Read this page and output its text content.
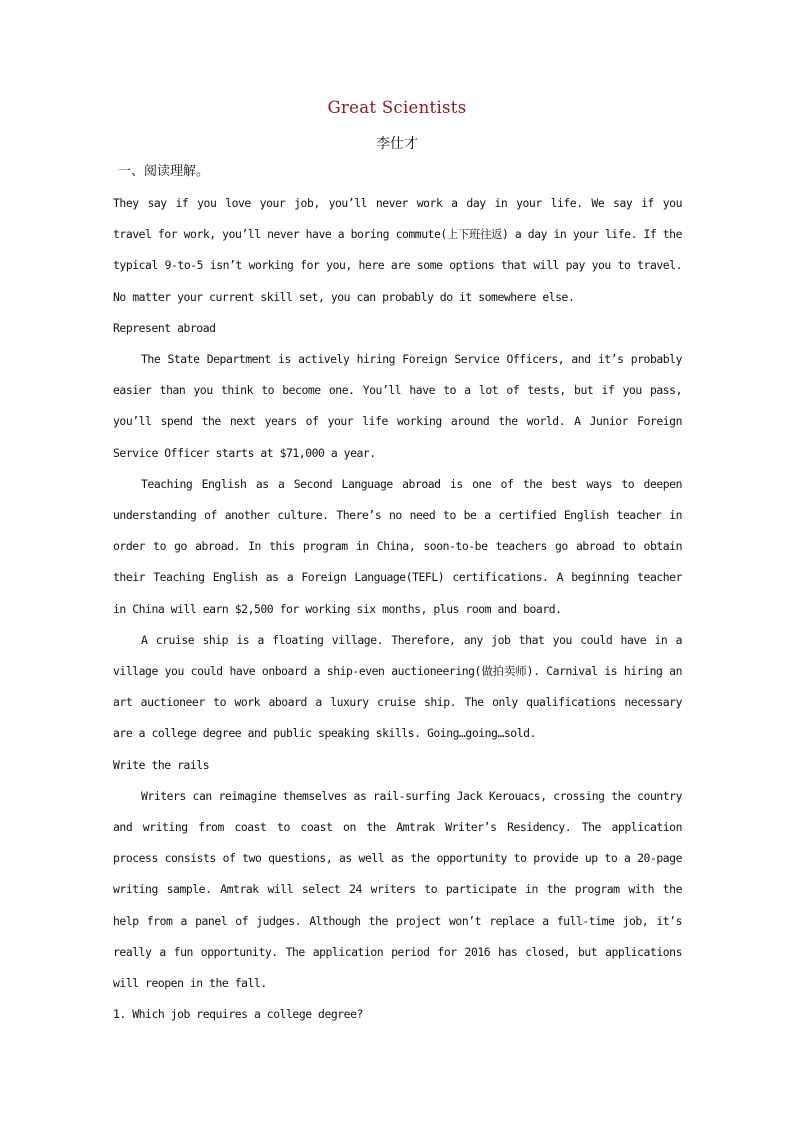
Great Scientists
李仕才
一、阅读理解。

They say if you love your job, you’ll never work a day in your life. We say if you travel for work, you’ll never have a boring commute(上下班往返) a day in your life. If the typical 9-to-5 isn’t working for you, here are some options that will pay you to travel. No matter your current skill set, you can probably do it somewhere else.

Represent abroad

The State Department is actively hiring Foreign Service Officers, and it’s probably easier than you think to become one. You’ll have to a lot of tests, but if you pass, you’ll spend the next years of your life working around the world. A Junior Foreign Service Officer starts at $71,000 a year.

Teaching English as a Second Language abroad is one of the best ways to deepen understanding of another culture. There’s no need to be a certified English teacher in order to go abroad. In this program in China, soon-to-be teachers go abroad to obtain their Teaching English as a Foreign Language(TEFL) certifications. A beginning teacher in China will earn $2,500 for working six months, plus room and board.

A cruise ship is a floating village. Therefore, any job that you could have in a village you could have onboard a ship-even auctioneering(做拍卖师). Carnival is hiring an art auctioneer to work aboard a luxury cruise ship. The only qualifications necessary are a college degree and public speaking skills. Going…going…sold.

Write the rails

Writers can reimagine themselves as rail-surfing Jack Kerouacs, crossing the country and writing from coast to coast on the Amtrak Writer’s Residency. The application process consists of two questions, as well as the opportunity to provide up to a 20-page writing sample. Amtrak will select 24 writers to participate in the program with the help from a panel of judges. Although the project won’t replace a full-time job, it’s really a fun opportunity. The application period for 2016 has closed, but applications will reopen in the fall.

1. Which job requires a college degree?
